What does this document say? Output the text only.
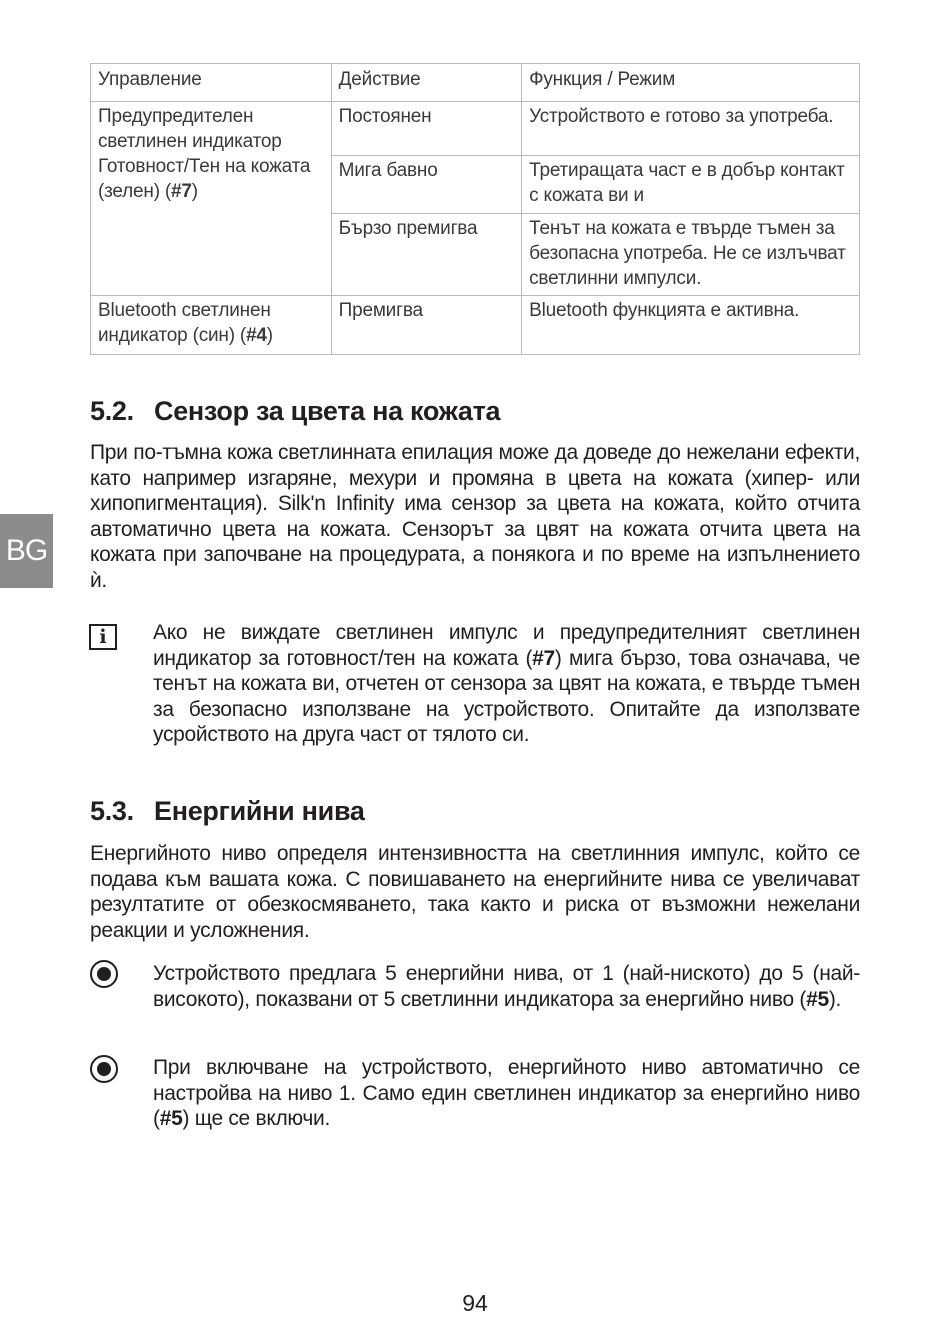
Управление	Действие	Функция / Режим
Предупредителен светлинен индикатор Готовност/Тен на кожата (зелен) (#7)	Постоянен	Устройството е готово за употреба.
	Мига бавно	Третиращата част е в добър контакт с кожата ви и
	Бързо премигва	Тенът на кожата е твърде тъмен за безопасна употреба. Не се излъчват светлинни импулси.
Bluetooth светлинен индикатор (син) (#4)	Премигва	Bluetooth функцията е активна.
5.2. Сензор за цвета на кожата

При по-тъмна кожа светлинната епилация може да доведе до нежелани ефекти, като например изгаряне, мехури и промяна в цвета на кожата (хипер- или хипопигментация). Silk'n Infinity има сензор за цвета на кожата, който отчита автоматично цвета на кожата. Сензорът за цвят на кожата отчита цвета на кожата при започване на процедурата, а понякога и по време на изпълнението ѝ.

i	Ако не виждате светлинен импулс и предупредителният светлинен индикатор за готовност/тен на кожата (#7) мига бързо, това означава, че тенът на кожата ви, отчетен от сензора за цвят на кожата, е твърде тъмен за безопасно използване на устройството. Опитайте да използвате усройството на друга част от тялото си.

5.3. Енергийни нива

Енергийното ниво определя интензивността на светлинния импулс, който се подава към вашата кожа. С повишаването на енергийните нива се увеличават резултатите от обезкосмяването, така както и риска от възможни нежелани реакции и усложнения.

Устройството предлага 5 енергийни нива, от 1 (най-ниското) до 5 (най-високото), показвани от 5 светлинни индикатора за енергийно ниво (#5).

При включване на устройството, енергийното ниво автоматично се настройва на ниво 1. Само един светлинен индикатор за енергийно ниво (#5) ще се включи.

BG
94
